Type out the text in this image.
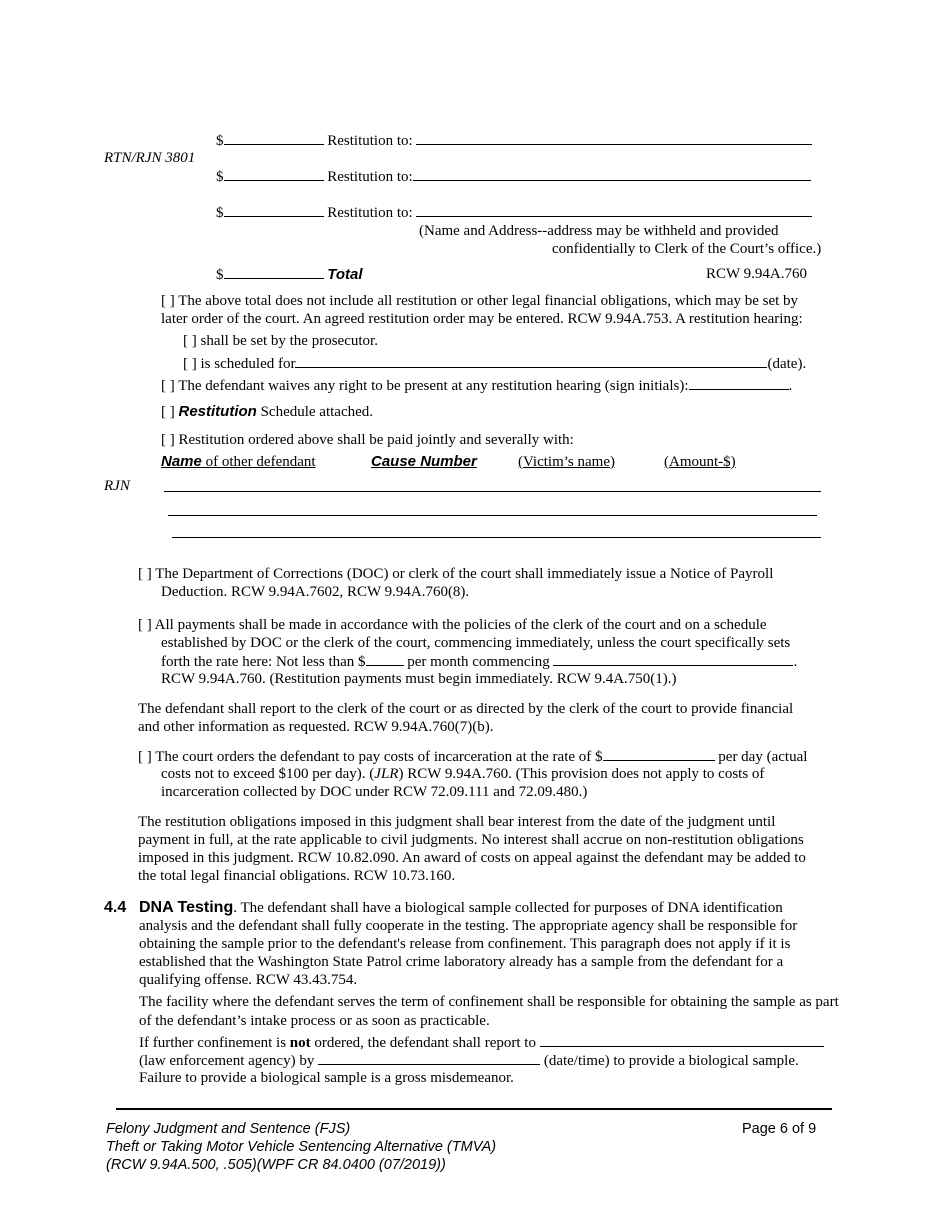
RTN/RJN 3801
$	Restitution to:
$	Restitution to:
$	Restitution to:
(Name and Address--address may be withheld and provided
confidentially to Clerk of the Court’s office.)
$	Total	RCW 9.94A.760
[ ] The above total does not include all restitution or other legal financial obligations, which may be set by
later order of the court. An agreed restitution order may be entered. RCW 9.94A.753. A restitution hearing:
[ ] shall be set by the prosecutor.
[ ] is scheduled for	(date).
[ ] The defendant waives any right to be present at any restitution hearing (sign initials):	.
[ ] Restitution Schedule attached.
[ ] Restitution ordered above shall be paid jointly and severally with:
Name of other defendant	Cause Number	(Victim’s name)	(Amount-$)
RJN
[ ] The Department of Corrections (DOC) or clerk of the court shall immediately issue a Notice of Payroll
Deduction. RCW 9.94A.7602, RCW 9.94A.760(8).
[ ] All payments shall be made in accordance with the policies of the clerk of the court and on a schedule
established by DOC or the clerk of the court, commencing immediately, unless the court specifically sets
forth the rate here: Not less than $	per month commencing	.
RCW 9.94A.760. (Restitution payments must begin immediately. RCW 9.4A.750(1).)
The defendant shall report to the clerk of the court or as directed by the clerk of the court to provide financial
and other information as requested. RCW 9.94A.760(7)(b).
[ ] The court orders the defendant to pay costs of incarceration at the rate of $	per day (actual
costs not to exceed $100 per day). (JLR) RCW 9.94A.760. (This provision does not apply to costs of
incarceration collected by DOC under RCW 72.09.111 and 72.09.480.)
The restitution obligations imposed in this judgment shall bear interest from the date of the judgment until
payment in full, at the rate applicable to civil judgments. No interest shall accrue on non-restitution obligations
imposed in this judgment. RCW 10.82.090. An award of costs on appeal against the defendant may be added to
the total legal financial obligations. RCW 10.73.160.
4.4 DNA Testing. The defendant shall have a biological sample collected for purposes of DNA identification
analysis and the defendant shall fully cooperate in the testing. The appropriate agency shall be responsible for
obtaining the sample prior to the defendant's release from confinement. This paragraph does not apply if it is
established that the Washington State Patrol crime laboratory already has a sample from the defendant for a
qualifying offense. RCW 43.43.754.
The facility where the defendant serves the term of confinement shall be responsible for obtaining the sample as part
of the defendant’s intake process or as soon as practicable.
If further confinement is not ordered, the defendant shall report to
(law enforcement agency) by	(date/time) to provide a biological sample.
Failure to provide a biological sample is a gross misdemeanor.
Felony Judgment and Sentence (FJS)
Theft or Taking Motor Vehicle Sentencing Alternative (TMVA)
(RCW 9.94A.500, .505)(WPF CR 84.0400 (07/2019))
Page 6 of 9
